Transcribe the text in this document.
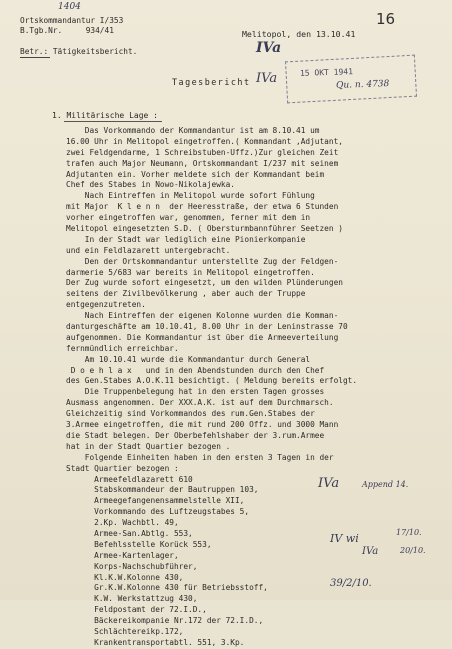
1404
Ortskommandantur I/353
B.Tgb.Nr.     934/41
Betr.: Tätigkeitsbericht.
Melitopol, den 13.10.41
16
IVa
Tagesbericht IVa	15 OKT 1941
Qu. n. 4738
1. Militärische Lage :
Das Vorkommando der Kommandantur ist am 8.10.41 um
16.00 Uhr in Melitopol eingetroffen.( Kommandant ,Adjutant,
zwei Feldgendarme, 1 Schreibstuben-Uffz.)Zur gleichen Zeit
trafen auch Major Neumann, Ortskommandant I/237 mit seinem
Adjutanten ein. Vorher meldete sich der Kommandant beim
Chef des Stabes in Nowo-Nikolajewka.
Nach Eintreffen in Melitopol wurde sofort Fühlung
mit Major  K l e n n  der Heeresstraße, der etwa 6 Stunden
vorher eingetroffen war, genommen, ferner mit dem in
Melitopol eingesetzten S.D. ( Obersturmbannführer Seetzen )
In der Stadt war lediglich eine Pionierkompanie
und ein Feldlazarett untergebracht.
Den der Ortskommandantur unterstellte Zug der Feldgen-
darmerie 5/683 war bereits in Melitopol eingetroffen.
Der Zug wurde sofort eingesetzt, um den wilden Plünderungen
seitens der Zivilbevölkerung , aber auch der Truppe
entgegenzutreten.
Nach Eintreffen der eigenen Kolonne wurden die Komman-
danturgeschäfte am 10.10.41, 8.00 Uhr in der Leninstrasse 70
aufgenommen. Die Kommandantur ist über die Armeeverteilung
fernmündlich erreichbar.
Am 10.10.41 wurde die Kommandantur durch General
D o e h l a x   und in den Abendstunden durch den Chef
des Gen.Stabes A.O.K.11 besichtigt. ( Meldung bereits erfolgt.
Die Truppenbelegung hat in den ersten Tagen grosses
Ausmass angenommen. Der XXX.A.K. ist auf dem Durchmarsch.
Gleichzeitig sind Vorkommandos des rum.Gen.Stabes der
3.Armee eingetroffen, die mit rund 200 Offz. und 3000 Mann
die Stadt belegen. Der Oberbefehlshaber der 3.rum.Armee
hat in der Stadt Quartier bezogen .
Folgende Einheiten haben in den ersten 3 Tagen in der
Stadt Quartier bezogen :
Armeefeldlazarett 610
Stabskommandeur der Bautruppen 103,
Armeegefangenensammelstelle XII,
Vorkommando des Luftzeugstabes 5,
2.Kp. Wachbtl. 49,
Armee-San.Abtlg. 553,
Befehlsstelle Korück 553,
Armee-Kartenlager,
Korps-Nachschubführer,
Kl.K.W.Kolonne 430,
Gr.K.W.Kolonne 430 für Betriebsstoff,
K.W. Werkstattzug 430,
Feldpostamt der 72.I.D.,
Bäckereikompanie Nr.172 der 72.I.D.,
Schlächtereikp.172,
Krankentransportabtl. 551, 3.Kp.
IVa	Append 14.
IV wi	17/10.
IVa	20/10.
39/2/10.
